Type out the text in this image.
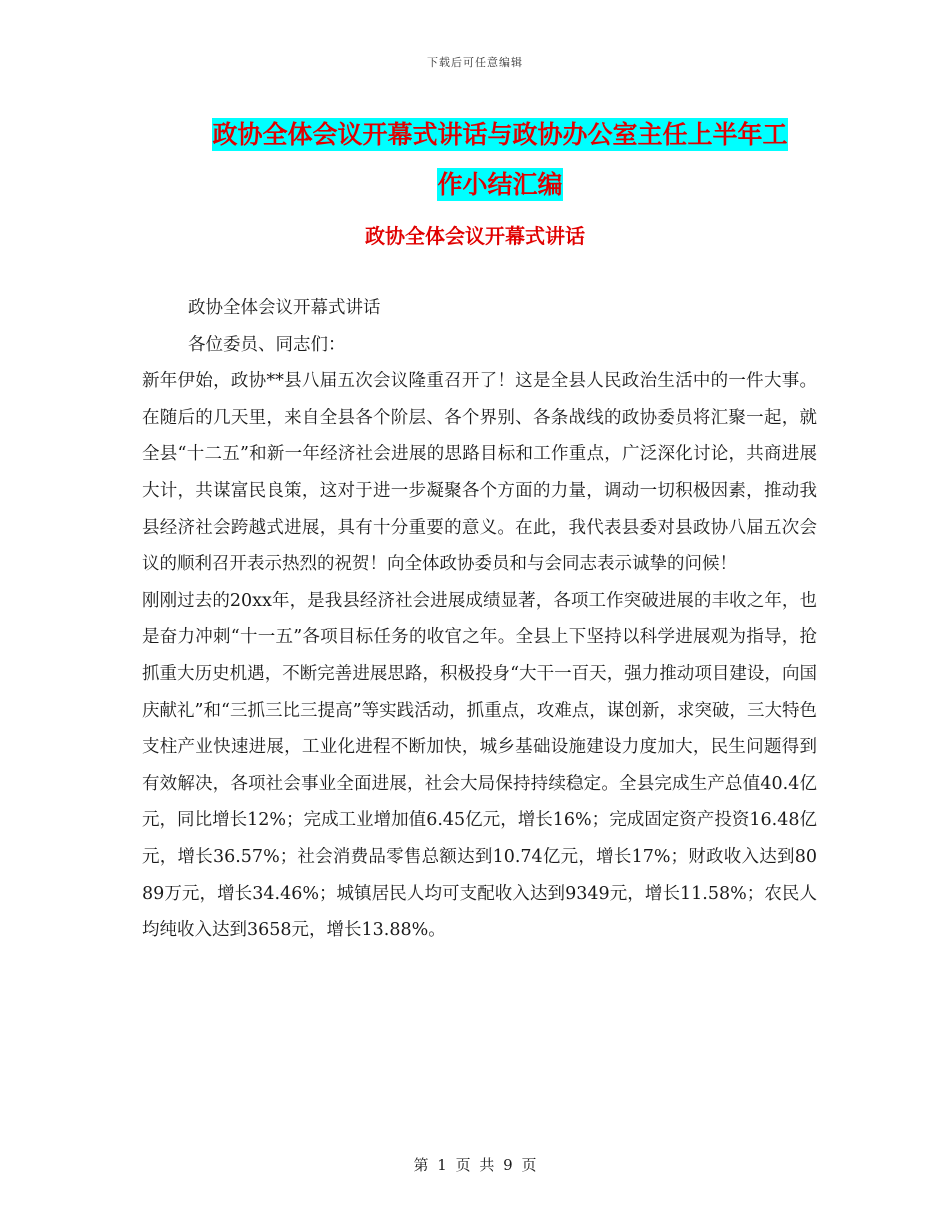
下载后可任意编辑
政协全体会议开幕式讲话与政协办公室主任上半年工
作小结汇编
政协全体会议开幕式讲话

政协全体会议开幕式讲话

各位委员、同志们：

新年伊始，政协**县八届五次会议隆重召开了！这是全县人民政治生活中的一件大事。在随后的几天里，来自全县各个阶层、各个界别、各条战线的政协委员将汇聚一起，就全县“十二五”和新一年经济社会进展的思路目标和工作重点，广泛深化讨论，共商进展大计，共谋富民良策，这对于进一步凝聚各个方面的力量，调动一切积极因素，推动我县经济社会跨越式进展，具有十分重要的意义。在此，我代表县委对县政协八届五次会议的顺利召开表示热烈的祝贺！向全体政协委员和与会同志表示诚挚的问候！

刚刚过去的20xx年，是我县经济社会进展成绩显著，各项工作突破进展的丰收之年，也是奋力冲刺“十一五”各项目标任务的收官之年。全县上下坚持以科学进展观为指导，抢抓重大历史机遇，不断完善进展思路，积极投身“大干一百天，强力推动项目建设，向国庆献礼”和“三抓三比三提高”等实践活动，抓重点，攻难点，谋创新，求突破，三大特色支柱产业快速进展，工业化进程不断加快，城乡基础设施建设力度加大，民生问题得到有效解决，各项社会事业全面进展，社会大局保持持续稳定。全县完成生产总值40.4亿元，同比增长12%；完成工业增加值6.45亿元，增长16%；完成固定资产投资16.48亿元，增长36.57%；社会消费品零售总额达到10.74亿元，增长17%；财政收入达到8089万元，增长34.46%；城镇居民人均可支配收入达到9349元，增长11.58%；农民人均纯收入达到3658元，增长13.88%。

第 1 页 共 9 页
